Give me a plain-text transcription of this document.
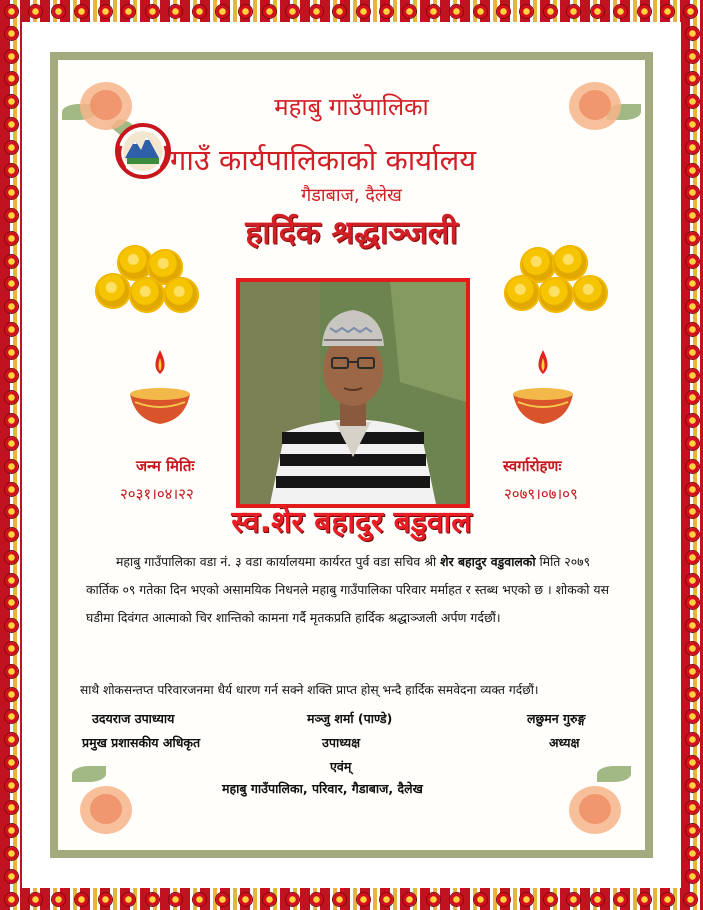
महाबु गाउँपालिका
गाउँ कार्यपालिकाको कार्यालय
गैडाबाज, दैलेख
हार्दिक श्रद्धाञ्जली
जन्म मितिः
२०३१।०४।२२
स्वर्गारोहणः
२०७९।०७।०९
स्व.शेर बहादुर बडुवाल
महाबु गाउँपालिका वडा नं. ३ वडा कार्यालयमा कार्यरत पुर्व वडा सचिव श्री शेर बहादुर वडुवालको मिति २०७९ कार्तिक ०९ गतेका दिन भएको असामयिक निधनले महाबु गाउँपालिका परिवार मर्माहत र स्तब्ध भएको छ । शोकको यस घडीमा दिवंगत आत्माको चिर शान्तिको कामना गर्दै मृतकप्रति हार्दिक श्रद्धाञ्जली अर्पण गर्दछौं।
साथै शोकसन्तप्त परिवारजनमा धैर्य धारण गर्न सक्ने शक्ति प्राप्त होस् भन्दै हार्दिक समवेदना व्यक्त गर्दछौं।
उदयराज उपाध्याय
प्रमुख प्रशासकीय अधिकृत
मञ्जु शर्मा (पाण्डे)
उपाध्यक्ष
लछुमन गुरुङ्ग
अध्यक्ष
एवंम्
महाबु गाउँपालिका, परिवार, गैडाबाज, दैलेख
